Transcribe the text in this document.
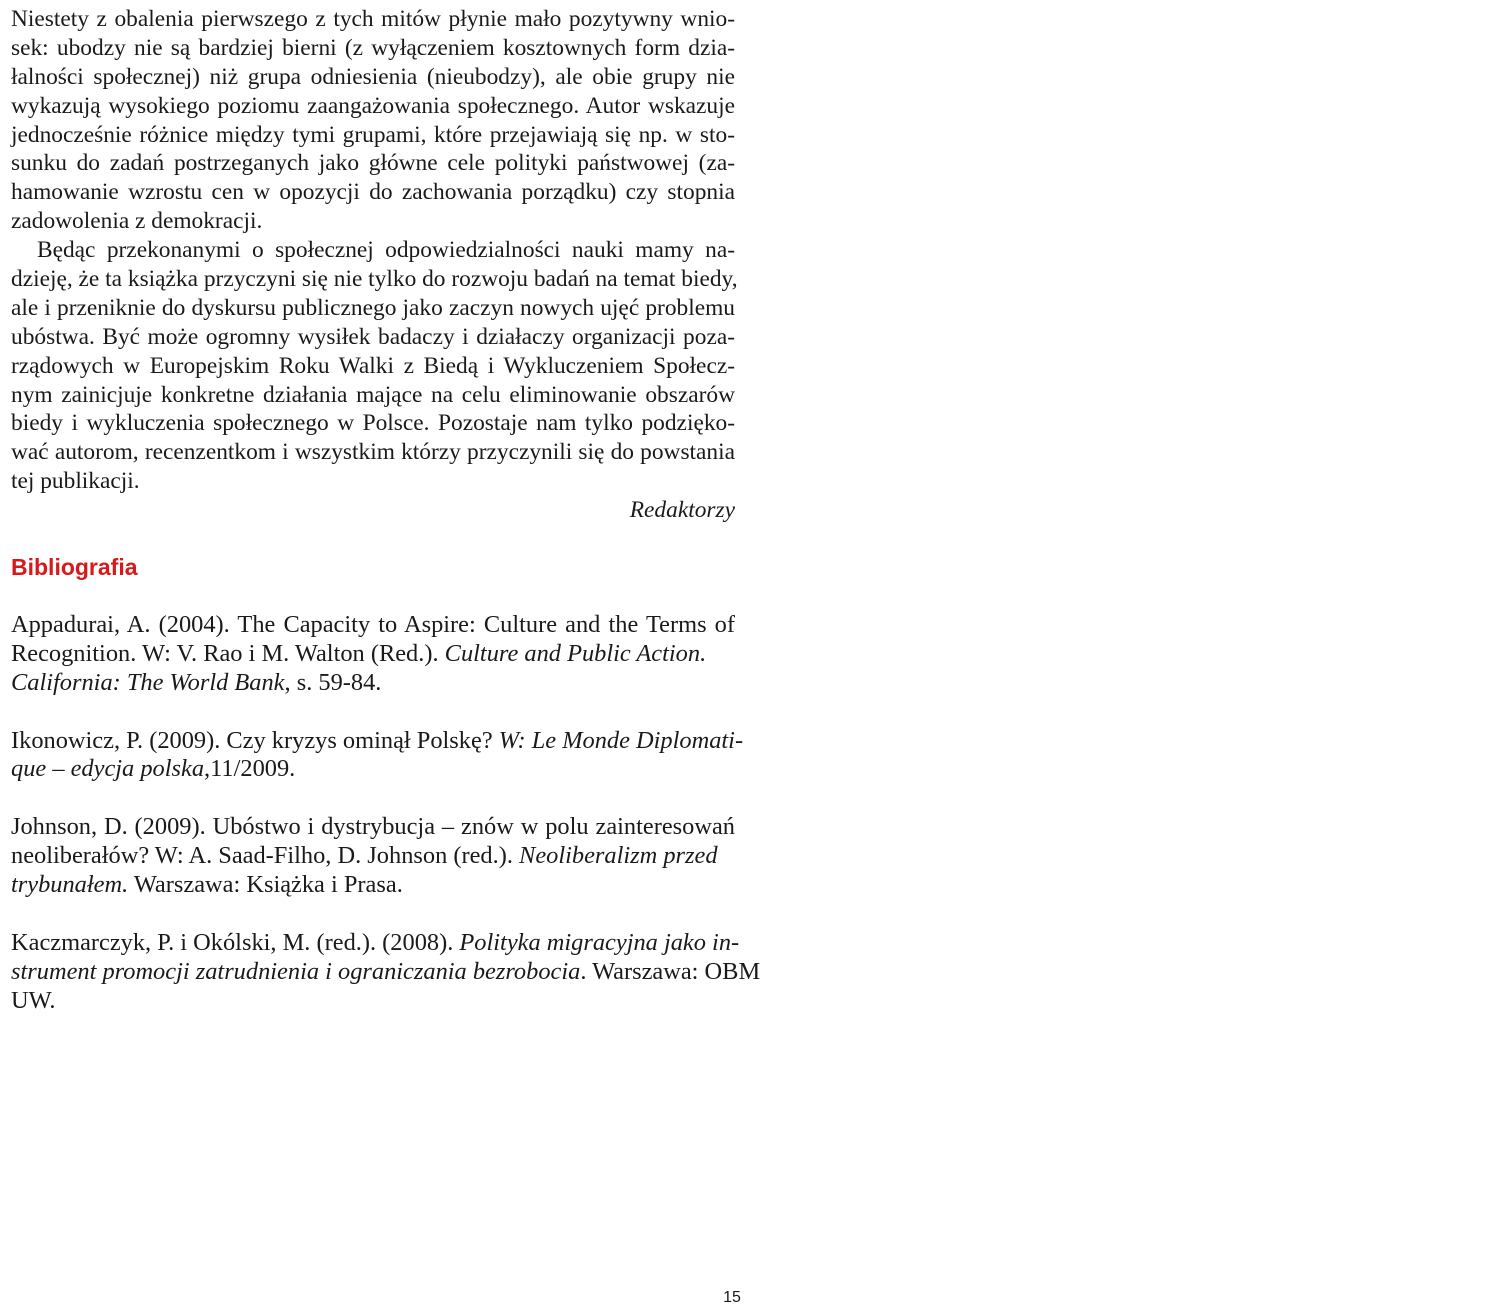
Niestety z obalenia pierwszego z tych mitów płynie mało pozytywny wnio-
sek: ubodzy nie są bardziej bierni (z wyłączeniem kosztownych form dzia-
łalności społecznej) niż grupa odniesienia (nieubodzy), ale obie grupy nie
wykazują wysokiego poziomu zaangażowania społecznego. Autor wskazuje
jednocześnie różnice między tymi grupami, które przejawiają się np. w sto-
sunku do zadań postrzeganych jako główne cele polityki państwowej (za-
hamowanie wzrostu cen w opozycji do zachowania porządku) czy stopnia
zadowolenia z demokracji.
Będąc przekonanymi o społecznej odpowiedzialności nauki mamy na-
dzieję, że ta książka przyczyni się nie tylko do rozwoju badań na temat biedy,
ale i przeniknie do dyskursu publicznego jako zaczyn nowych ujęć problemu
ubóstwa. Być może ogromny wysiłek badaczy i działaczy organizacji poza-
rządowych w Europejskim Roku Walki z Biedą i Wykluczeniem Społecz-
nym zainicjuje konkretne działania mające na celu eliminowanie obszarów
biedy i wykluczenia społecznego w Polsce. Pozostaje nam tylko podzięko-
wać autorom, recenzentkom i wszystkim którzy przyczynili się do powstania
tej publikacji.
Redaktorzy
Bibliografia
Appadurai, A. (2004). The Capacity to Aspire: Culture and the Terms of
Recognition. W: V. Rao i M. Walton (Red.). Culture and Public Action.
California: The World Bank, s. 59-84.
Ikonowicz, P. (2009). Czy kryzys ominął Polskę? W: Le Monde Diplomati-
que – edycja polska,11/2009.
Johnson, D. (2009). Ubóstwo i dystrybucja – znów w polu zainteresowań
neoliberałów? W: A. Saad-Filho, D. Johnson (red.). Neoliberalizm przed
trybunałem. Warszawa: Książka i Prasa.
Kaczmarczyk, P. i Okólski, M. (red.). (2008). Polityka migracyjna jako in-
strument promocji zatrudnienia i ograniczania bezrobocia. Warszawa: OBM
UW.
15
